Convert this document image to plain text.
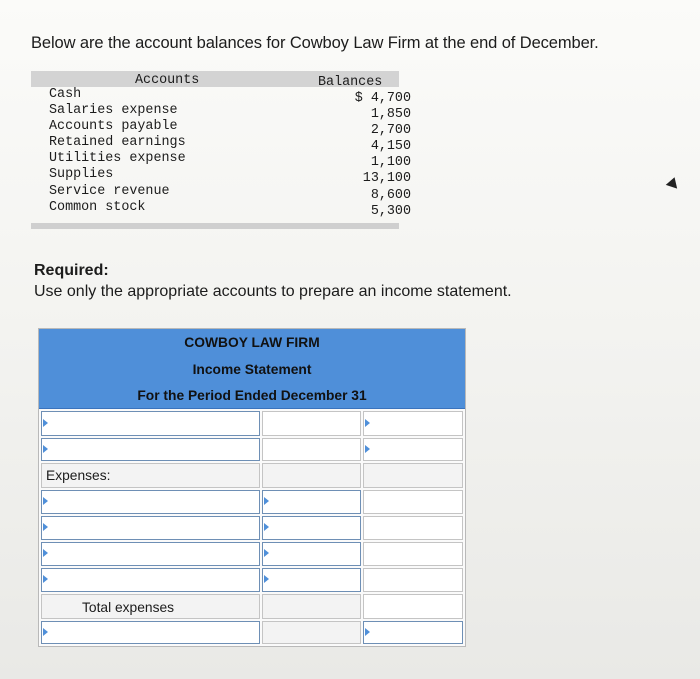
Below are the account balances for Cowboy Law Firm at the end of December.
Accounts	Balances
Cash
Salaries expense
Accounts payable
Retained earnings
Utilities expense
Supplies
Service revenue
Common stock
$ 4,700
1,850
2,700
4,150
1,100
13,100
8,600
5,300
Required:
Use only the appropriate accounts to prepare an income statement.
COWBOY LAW FIRM
Income Statement
For the Period Ended December 31
Expenses:
Total expenses
